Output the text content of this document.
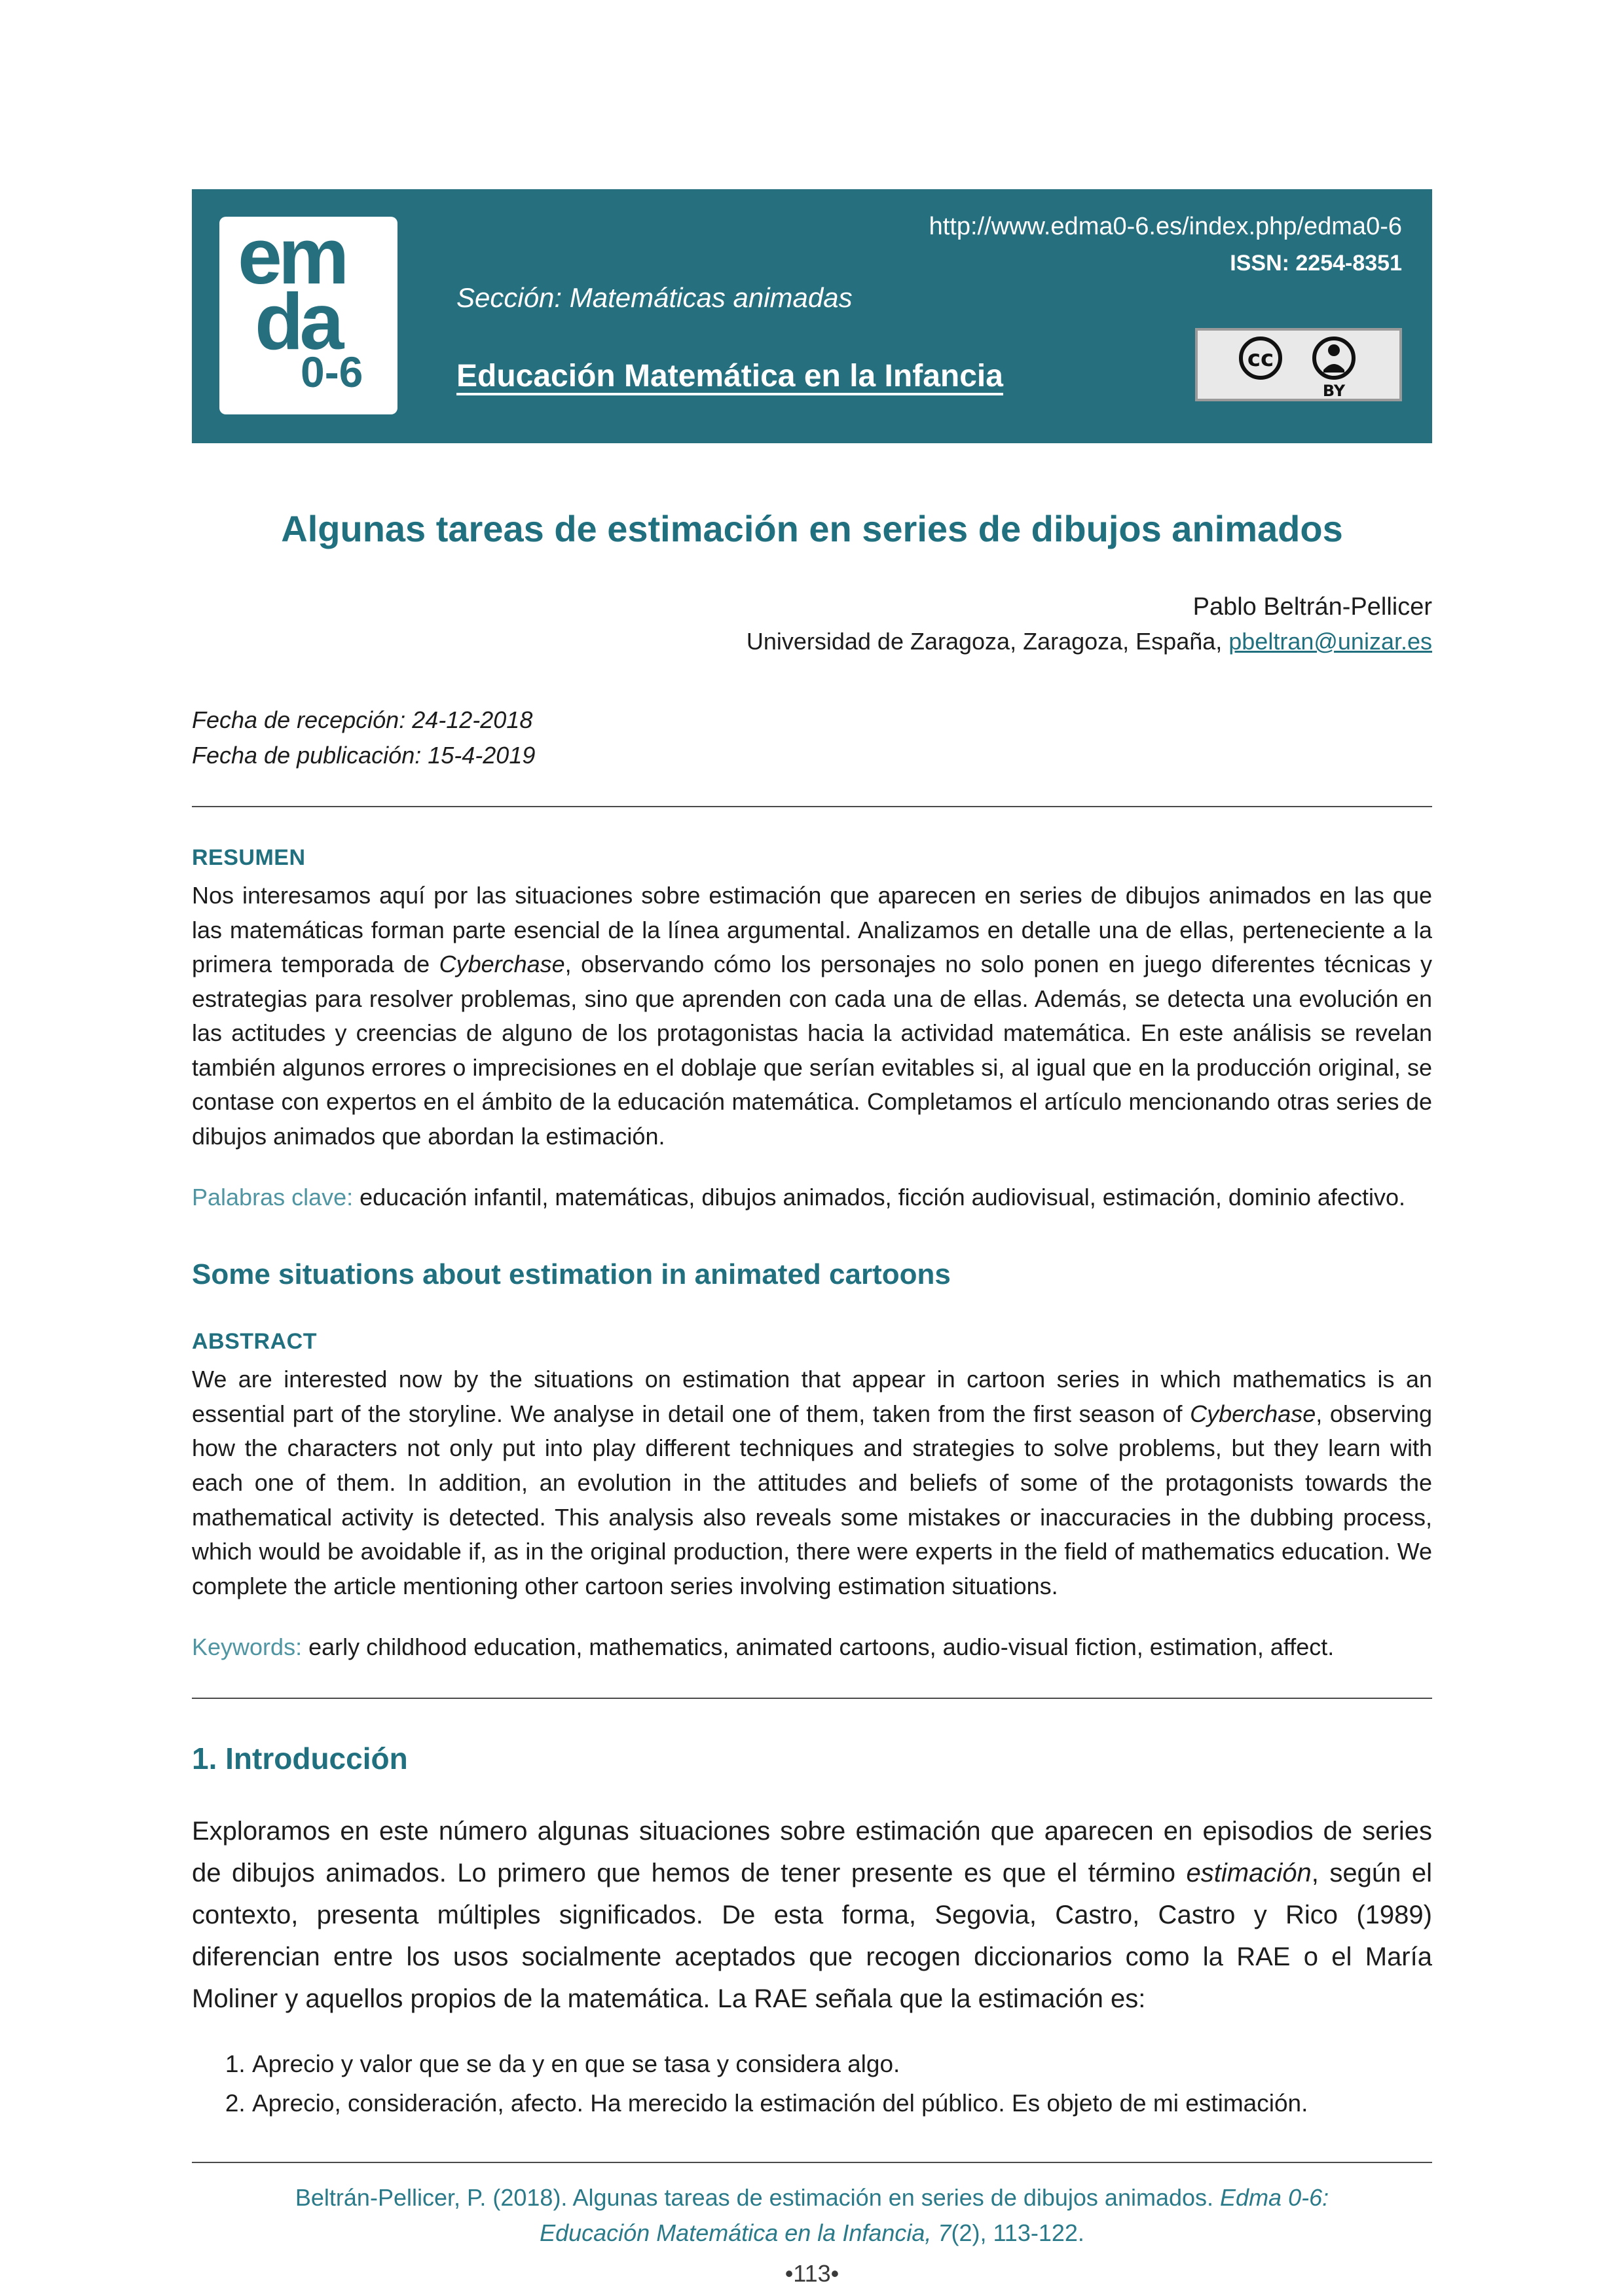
em
da
0-6
http://www.edma0-6.es/index.php/edma0-6
ISSN: 2254-8351
Sección: Matemáticas animadas
Educación Matemática en la Infancia	cc
BY
Algunas tareas de estimación en series de dibujos animados
Pablo Beltrán-Pellicer
Universidad de Zaragoza, Zaragoza, España, pbeltran@unizar.es
Fecha de recepción: 24-12-2018
Fecha de publicación: 15-4-2019
RESUMEN
Nos interesamos aquí por las situaciones sobre estimación que aparecen en series de dibujos animados en las que las matemáticas forman parte esencial de la línea argumental. Analizamos en detalle una de ellas, perteneciente a la primera temporada de Cyberchase, observando cómo los personajes no solo ponen en juego diferentes técnicas y estrategias para resolver problemas, sino que aprenden con cada una de ellas. Además, se detecta una evolución en las actitudes y creencias de alguno de los protagonistas hacia la actividad matemática. En este análisis se revelan también algunos errores o imprecisiones en el doblaje que serían evitables si, al igual que en la producción original, se contase con expertos en el ámbito de la educación matemática. Completamos el artículo mencionando otras series de dibujos animados que abordan la estimación.
Palabras clave: educación infantil, matemáticas, dibujos animados, ficción audiovisual, estimación, dominio afectivo.
Some situations about estimation in animated cartoons
ABSTRACT
We are interested now by the situations on estimation that appear in cartoon series in which mathematics is an essential part of the storyline. We analyse in detail one of them, taken from the first season of Cyberchase, observing how the characters not only put into play different techniques and strategies to solve problems, but they learn with each one of them. In addition, an evolution in the attitudes and beliefs of some of the protagonists towards the mathematical activity is detected. This analysis also reveals some mistakes or inaccuracies in the dubbing process, which would be avoidable if, as in the original production, there were experts in the field of mathematics education. We complete the article mentioning other cartoon series involving estimation situations.
Keywords: early childhood education, mathematics, animated cartoons, audio-visual fiction, estimation, affect.
1. Introducción
Exploramos en este número algunas situaciones sobre estimación que aparecen en episodios de series de dibujos animados. Lo primero que hemos de tener presente es que el término estimación, según el contexto, presenta múltiples significados. De esta forma, Segovia, Castro, Castro y Rico (1989) diferencian entre los usos socialmente aceptados que recogen diccionarios como la RAE o el María Moliner y aquellos propios de la matemática. La RAE señala que la estimación es:
1. Aprecio y valor que se da y en que se tasa y considera algo.
2. Aprecio, consideración, afecto. Ha merecido la estimación del público. Es objeto de mi estimación.
Beltrán-Pellicer, P. (2018). Algunas tareas de estimación en series de dibujos animados. Edma 0-6: Educación Matemática en la Infancia, 7(2), 113-122.
•113•
